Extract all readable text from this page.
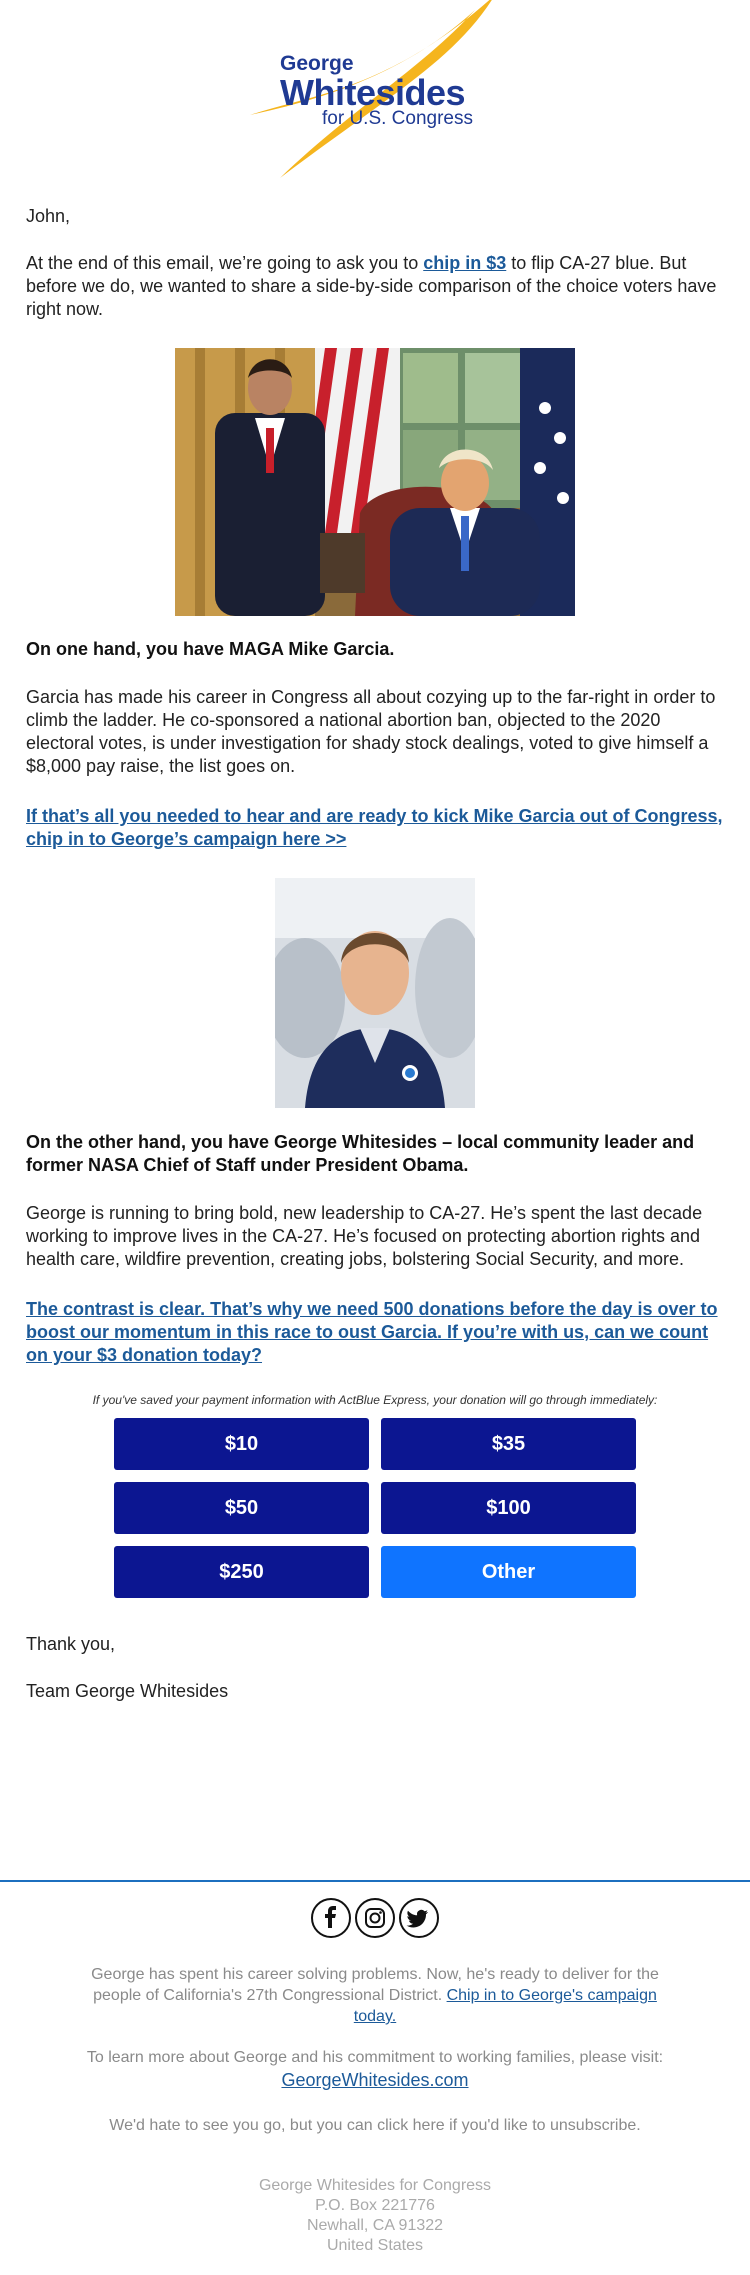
George
Whitesides
for U.S. Congress
John,
At the end of this email, we’re going to ask you to chip in $3 to flip CA-27 blue. But before we do, we wanted to share a side-by-side comparison of the choice voters have right now.
On one hand, you have MAGA Mike Garcia.
Garcia has made his career in Congress all about cozying up to the far-right in order to climb the ladder. He co-sponsored a national abortion ban, objected to the 2020 electoral votes, is under investigation for shady stock dealings, voted to give himself a $8,000 pay raise, the list goes on.
If that’s all you needed to hear and are ready to kick Mike Garcia out of Congress, chip in to George’s campaign here >>
On the other hand, you have George Whitesides – local community leader and former NASA Chief of Staff under President Obama.
George is running to bring bold, new leadership to CA-27. He’s spent the last decade working to improve lives in the CA-27. He’s focused on protecting abortion rights and health care, wildfire prevention, creating jobs, bolstering Social Security, and more.
The contrast is clear. That’s why we need 500 donations before the day is over to boost our momentum in this race to oust Garcia. If you’re with us, can we count on your $3 donation today?
If you've saved your payment information with ActBlue Express, your donation will go through immediately:
$10	$35
$50	$100
$250	Other
Thank you,
Team George Whitesides
George has spent his career solving problems. Now, he's ready to deliver for the people of California's 27th Congressional District. Chip in to George's campaign today.
To learn more about George and his commitment to working families, please visit:
GeorgeWhitesides.com
We'd hate to see you go, but you can click here if you'd like to unsubscribe.
George Whitesides for Congress
P.O. Box 221776
Newhall, CA 91322
United States
